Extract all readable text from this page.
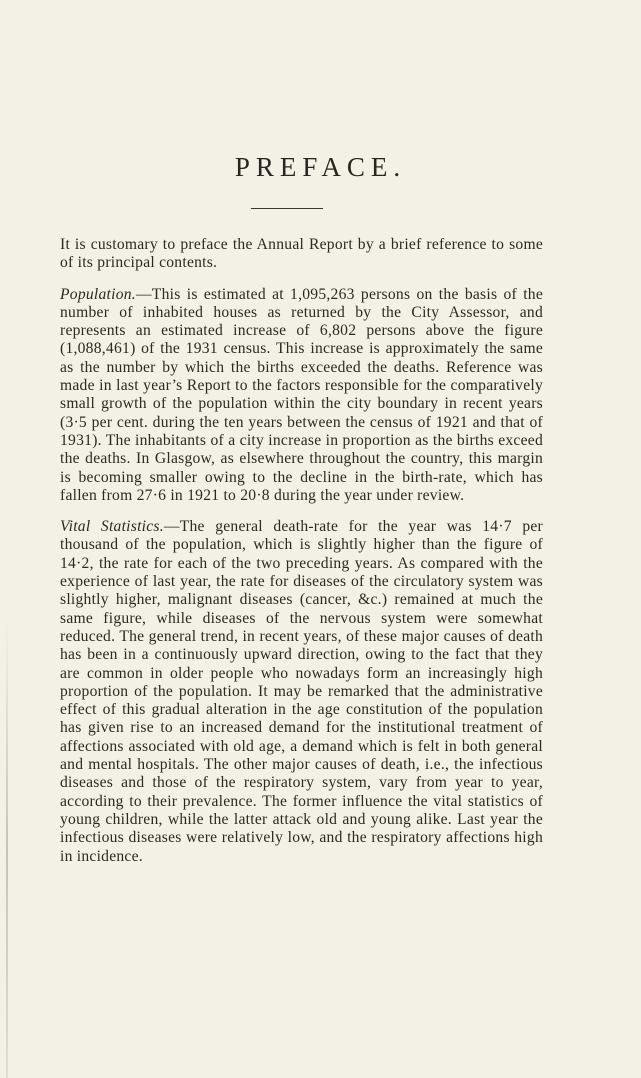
PREFACE.

It is customary to preface the Annual Report by a brief reference to some of its principal contents.

Population.—This is estimated at 1,095,263 persons on the basis of the number of inhabited houses as returned by the City Assessor, and represents an estimated increase of 6,802 persons above the figure (1,088,461) of the 1931 census. This increase is approximately the same as the number by which the births exceeded the deaths. Reference was made in last year’s Report to the factors responsible for the comparatively small growth of the population within the city boundary in recent years (3·5 per cent. during the ten years between the census of 1921 and that of 1931). The inhabitants of a city increase in proportion as the births exceed the deaths. In Glasgow, as elsewhere throughout the country, this margin is becoming smaller owing to the decline in the birth-rate, which has fallen from 27·6 in 1921 to 20·8 during the year under review.

Vital Statistics.—The general death-rate for the year was 14·7 per thousand of the population, which is slightly higher than the figure of 14·2, the rate for each of the two preceding years. As compared with the experience of last year, the rate for diseases of the circulatory system was slightly higher, malignant diseases (cancer, &c.) remained at much the same figure, while diseases of the nervous system were somewhat reduced. The general trend, in recent years, of these major causes of death has been in a continuously upward direction, owing to the fact that they are common in older people who nowadays form an increasingly high proportion of the population. It may be remarked that the administrative effect of this gradual alteration in the age constitution of the population has given rise to an increased demand for the institutional treatment of affections associated with old age, a demand which is felt in both general and mental hospitals. The other major causes of death, i.e., the infectious diseases and those of the respiratory system, vary from year to year, according to their prevalence. The former influence the vital statistics of young children, while the latter attack old and young alike. Last year the infectious diseases were relatively low, and the respiratory affections high in incidence.
